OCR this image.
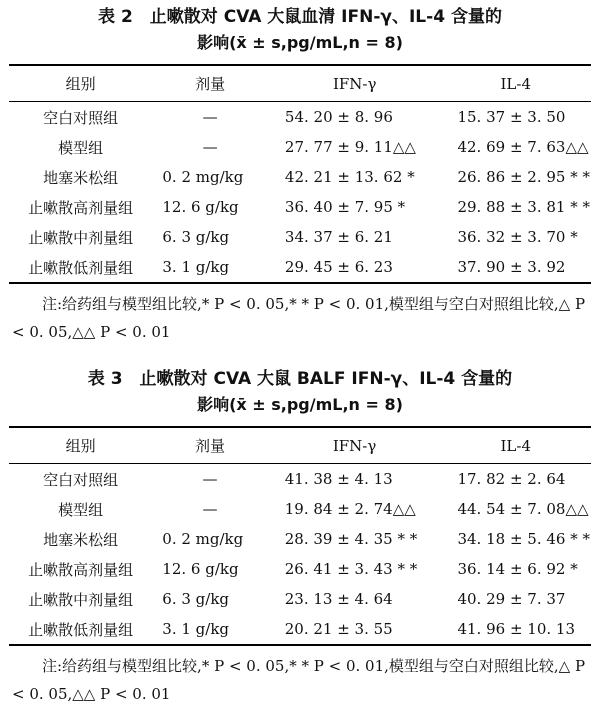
表 2　止嗽散对 CVA 大鼠血清 IFN-γ、IL-4 含量的
影响(x̄ ± s,pg/mL,n = 8)

组别	剂量	IFN-γ	IL-4
空白对照组	—	54. 20 ± 8. 96	15. 37 ± 3. 50
模型组	—	27. 77 ± 9. 11△△	42. 69 ± 7. 63△△
地塞米松组	0. 2 mg/kg	42. 21 ± 13. 62 *	26. 86 ± 2. 95 * *
止嗽散高剂量组	12. 6 g/kg	36. 40 ± 7. 95 *	29. 88 ± 3. 81 * *
止嗽散中剂量组	6. 3 g/kg	34. 37 ± 6. 21	36. 32 ± 3. 70 *
止嗽散低剂量组	3. 1 g/kg	29. 45 ± 6. 23	37. 90 ± 3. 92

注:给药组与模型组比较,* P < 0. 05,* * P < 0. 01,模型组与空白对照组比较,△ P < 0. 05,△△ P < 0. 01

表 3　止嗽散对 CVA 大鼠 BALF IFN-γ、IL-4 含量的
影响(x̄ ± s,pg/mL,n = 8)

组别	剂量	IFN-γ	IL-4
空白对照组	—	41. 38 ± 4. 13	17. 82 ± 2. 64
模型组	—	19. 84 ± 2. 74△△	44. 54 ± 7. 08△△
地塞米松组	0. 2 mg/kg	28. 39 ± 4. 35 * *	34. 18 ± 5. 46 * *
止嗽散高剂量组	12. 6 g/kg	26. 41 ± 3. 43 * *	36. 14 ± 6. 92 *
止嗽散中剂量组	6. 3 g/kg	23. 13 ± 4. 64	40. 29 ± 7. 37
止嗽散低剂量组	3. 1 g/kg	20. 21 ± 3. 55	41. 96 ± 10. 13

注:给药组与模型组比较,* P < 0. 05,* * P < 0. 01,模型组与空白对照组比较,△ P < 0. 05,△△ P < 0. 01
